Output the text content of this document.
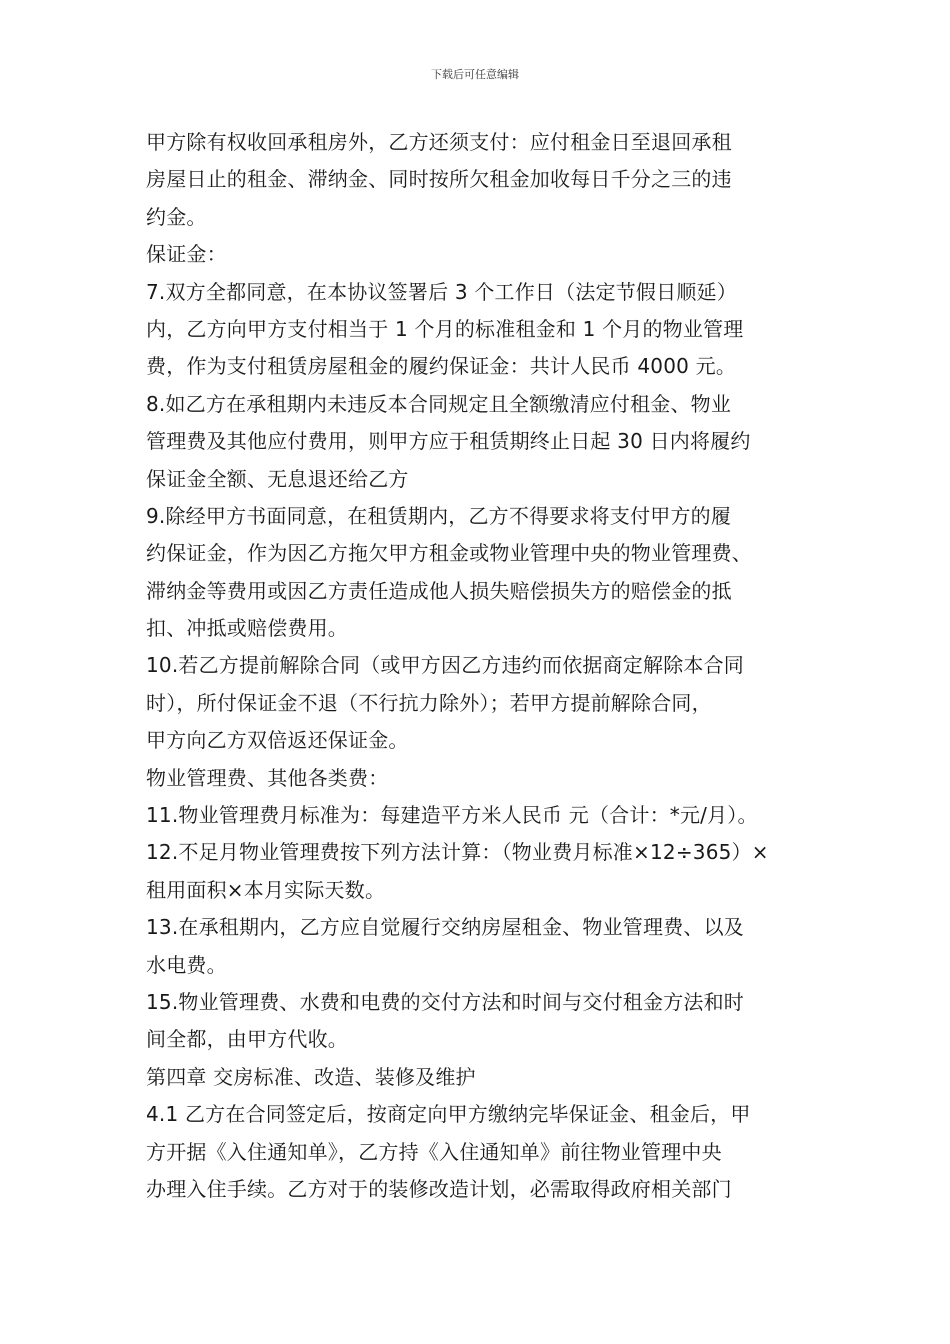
下载后可任意编辑
甲方除有权收回承租房外，乙方还须支付：应付租金日至退回承租
房屋日止的租金、滞纳金、同时按所欠租金加收每日千分之三的违
约金。
保证金：
7.双方全都同意，在本协议签署后 3 个工作日（法定节假日顺延）
内，乙方向甲方支付相当于 1 个月的标准租金和 1 个月的物业管理
费，作为支付租赁房屋租金的履约保证金：共计人民币 4000 元。
8.如乙方在承租期内未违反本合同规定且全额缴清应付租金、物业
管理费及其他应付费用，则甲方应于租赁期终止日起 30 日内将履约
保证金全额、无息退还给乙方
9.除经甲方书面同意，在租赁期内，乙方不得要求将支付甲方的履
约保证金，作为因乙方拖欠甲方租金或物业管理中央的物业管理费、
滞纳金等费用或因乙方责任造成他人损失赔偿损失方的赔偿金的抵
扣、冲抵或赔偿费用。
10.若乙方提前解除合同（或甲方因乙方违约而依据商定解除本合同
时），所付保证金不退（不行抗力除外）；若甲方提前解除合同，
甲方向乙方双倍返还保证金。
物业管理费、其他各类费：
11.物业管理费月标准为：每建造平方米人民币 元（合计：*元/月）。
12.不足月物业管理费按下列方法计算：（物业费月标准×12÷365）×
租用面积×本月实际天数。
13.在承租期内，乙方应自觉履行交纳房屋租金、物业管理费、以及
水电费。
15.物业管理费、水费和电费的交付方法和时间与交付租金方法和时
间全都，由甲方代收。
第四章 交房标准、改造、装修及维护
4.1 乙方在合同签定后，按商定向甲方缴纳完毕保证金、租金后，甲
方开据《入住通知单》，乙方持《入住通知单》前往物业管理中央
办理入住手续。乙方对于的装修改造计划，必需取得政府相关部门
